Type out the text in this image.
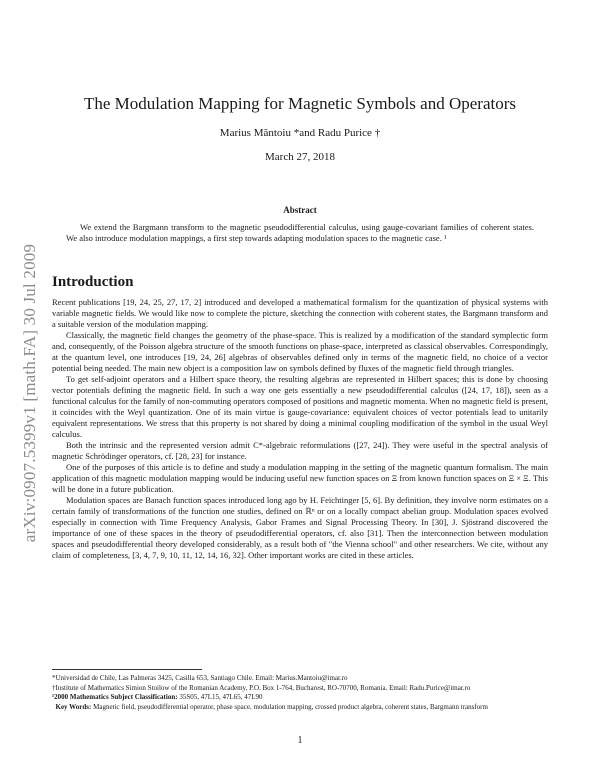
arXiv:0907.5399v1 [math.FA] 30 Jul 2009
The Modulation Mapping for Magnetic Symbols and Operators
Marius Măntoiu *and Radu Purice †
March 27, 2018
Abstract

We extend the Bargmann transform to the magnetic pseudodifferential calculus, using gauge-covariant families of coherent states. We also introduce modulation mappings, a first step towards adapting modulation spaces to the magnetic case. ¹

Introduction

Recent publications [19, 24, 25, 27, 17, 2] introduced and developed a mathematical formalism for the quantization of physical systems with variable magnetic fields. We would like now to complete the picture, sketching the connection with coherent states, the Bargmann transform and a suitable version of the modulation mapping.

Classically, the magnetic field changes the geometry of the phase-space. This is realized by a modification of the standard symplectic form and, consequently, of the Poisson algebra structure of the smooth functions on phase-space, interpreted as classical observables. Correspondingly, at the quantum level, one introduces [19, 24, 26] algebras of observables defined only in terms of the magnetic field, no choice of a vector potential being needed. The main new object is a composition law on symbols defined by fluxes of the magnetic field through triangles.

To get self-adjoint operators and a Hilbert space theory, the resulting algebras are represented in Hilbert spaces; this is done by choosing vector potentials defining the magnetic field. In such a way one gets essentially a new pseudodifferential calculus ([24, 17, 18]), seen as a functional calculus for the family of non-commuting operators composed of positions and magnetic momenta. When no magnetic field is present, it coincides with the Weyl quantization. One of its main virtue is gauge-covariance: equivalent choices of vector potentials lead to unitarily equivalent representations. We stress that this property is not shared by doing a minimal coupling modification of the symbol in the usual Weyl calculus.

Both the intrinsic and the represented version admit C*-algebraic reformulations ([27, 24]). They were useful in the spectral analysis of magnetic Schrödinger operators, cf. [28, 23] for instance.

One of the purposes of this article is to define and study a modulation mapping in the setting of the magnetic quantum formalism. The main application of this magnetic modulation mapping would be inducing useful new function spaces on Ξ from known function spaces on Ξ × Ξ. This will be done in a future publication.

Modulation spaces are Banach function spaces introduced long ago by H. Feichtinger [5, 6]. By definition, they involve norm estimates on a certain family of transformations of the function one studies, defined on ℝⁿ or on a locally compact abelian group. Modulation spaces evolved especially in connection with Time Frequency Analysis, Gabor Frames and Signal Processing Theory. In [30], J. Sjöstrand discovered the importance of one of these spaces in the theory of pseudodifferential operators, cf. also [31]. Then the interconnection between modulation spaces and pseudodifferential theory developed considerably, as a result both of "the Vienna school" and other researchers. We cite, without any claim of completeness, [3, 4, 7, 9, 10, 11, 12, 14, 16, 32]. Other important works are cited in these articles.

*Universidad de Chile, Las Palmeras 3425, Casilla 653, Santiago Chile. Email: Marius.Mantoiu@imar.ro

†Institute of Mathematics Simion Stoilow of the Romanian Academy, P.O. Box 1-764, Bucharest, RO-70700, Romania. Email: Radu.Purice@imar.ro

¹2000 Mathematics Subject Classification: 35S05, 47L15, 47L65, 47L90

Key Words: Magnetic field, pseudodifferential operator, phase space, modulation mapping, crossed product algebra, coherent states, Bargmann transform

1
